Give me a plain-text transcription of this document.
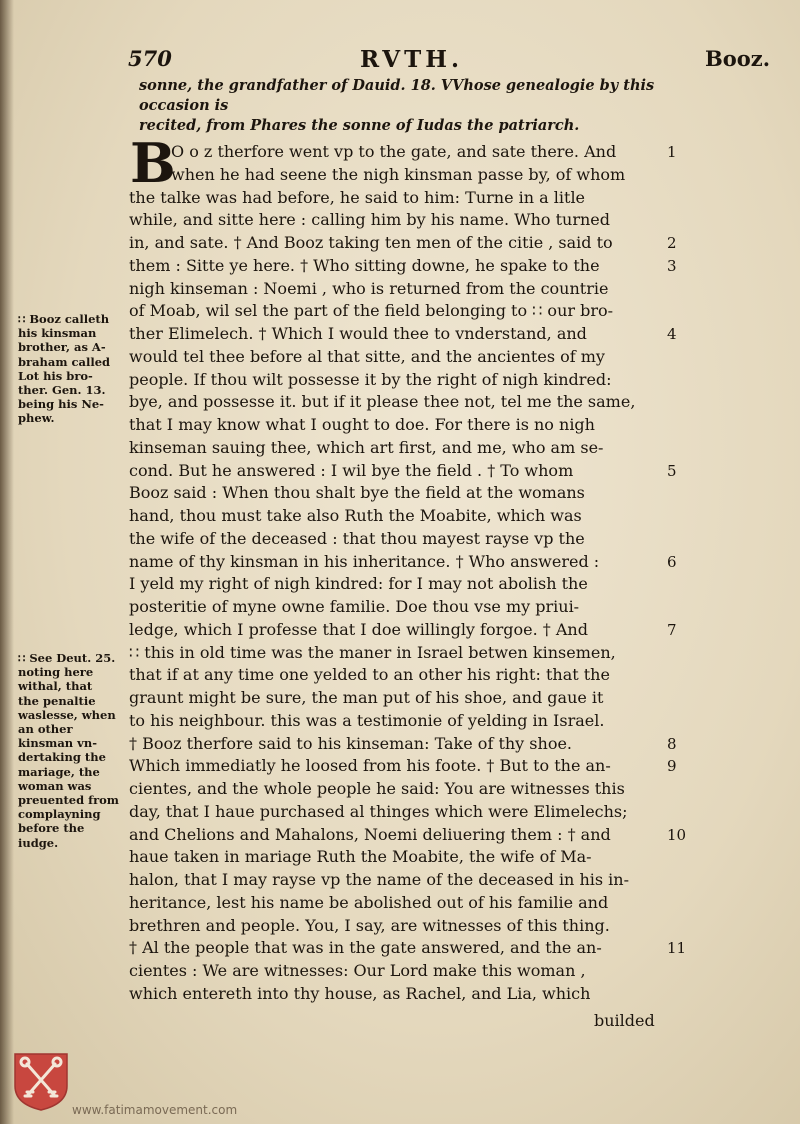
570	RVTH.	Booz.
sonne, the grandfather of Dauid. 18. VVhose genealogie by this occasion is
recited, from Phares the sonne of Iudas the patriarch.
B
O o z therfore went vp to the gate, and sate there. And
when he had seene the nigh kinsman passe by, of whom
the talke was had before, he said to him: Turne in a litle
while, and sitte here : calling him by his name. Who turned
in, and sate. † And Booz taking ten men of the citie , said to
them : Sitte ye here. † Who sitting downe, he spake to the
nigh kinseman : Noemi , who is returned from the countrie
of Moab, wil sel the part of the field belonging to ∷ our bro-
ther Elimelech. † Which I would thee to vnderstand, and
would tel thee before al that sitte, and the ancientes of my
people. If thou wilt possesse it by the right of nigh kindred:
bye, and possesse it. but if it please thee not, tel me the same,
that I may know what I ought to doe. For there is no nigh
kinseman sauing thee, which art first, and me, who am se-
cond. But he answered : I wil bye the field . † To whom
Booz said : When thou shalt bye the field at the womans
hand, thou must take also Ruth the Moabite, which was
the wife of the deceased : that thou mayest rayse vp the
name of thy kinsman in his inheritance. † Who answered :
I yeld my right of nigh kindred: for I may not abolish the
posteritie of myne owne familie. Doe thou vse my priui-
ledge, which I professe that I doe willingly forgoe. † And
∷ this in old time was the maner in Israel betwen kinsemen,
that if at any time one yelded to an other his right: that the
graunt might be sure, the man put of his shoe, and gaue it
to his neighbour. this was a testimonie of yelding in Israel.
† Booz therfore said to his kinseman: Take of thy shoe.
Which immediatly he loosed from his foote. † But to the an-
cientes, and the whole people he said: You are witnesses this
day, that I haue purchased al thinges which were Elimelechs;
and Chelions and Mahalons, Noemi deliuering them : † and
haue taken in mariage Ruth the Moabite, the wife of Ma-
halon, that I may rayse vp the name of the deceased in his in-
heritance, lest his name be abolished out of his familie and
brethren and people. You, I say, are witnesses of this thing.
† Al the people that was in the gate answered, and the an-
cientes : We are witnesses: Our Lord make this woman ,
which entereth into thy house, as Rachel, and Lia, which
1
2
3
4
5
6
7
8
9
10
11
∷ Booz calleth
his kinsman
brother, as A-
braham called
Lot his bro-
ther. Gen. 13.
being his Ne-
phew.
∷ See Deut. 25.
noting here
withal, that
the penaltie
waslesse, when
an other
kinsman vn-
dertaking the
mariage, the
woman was
preuented from
complayning
before the
iudge.
builded
www.fatimamovement.com
